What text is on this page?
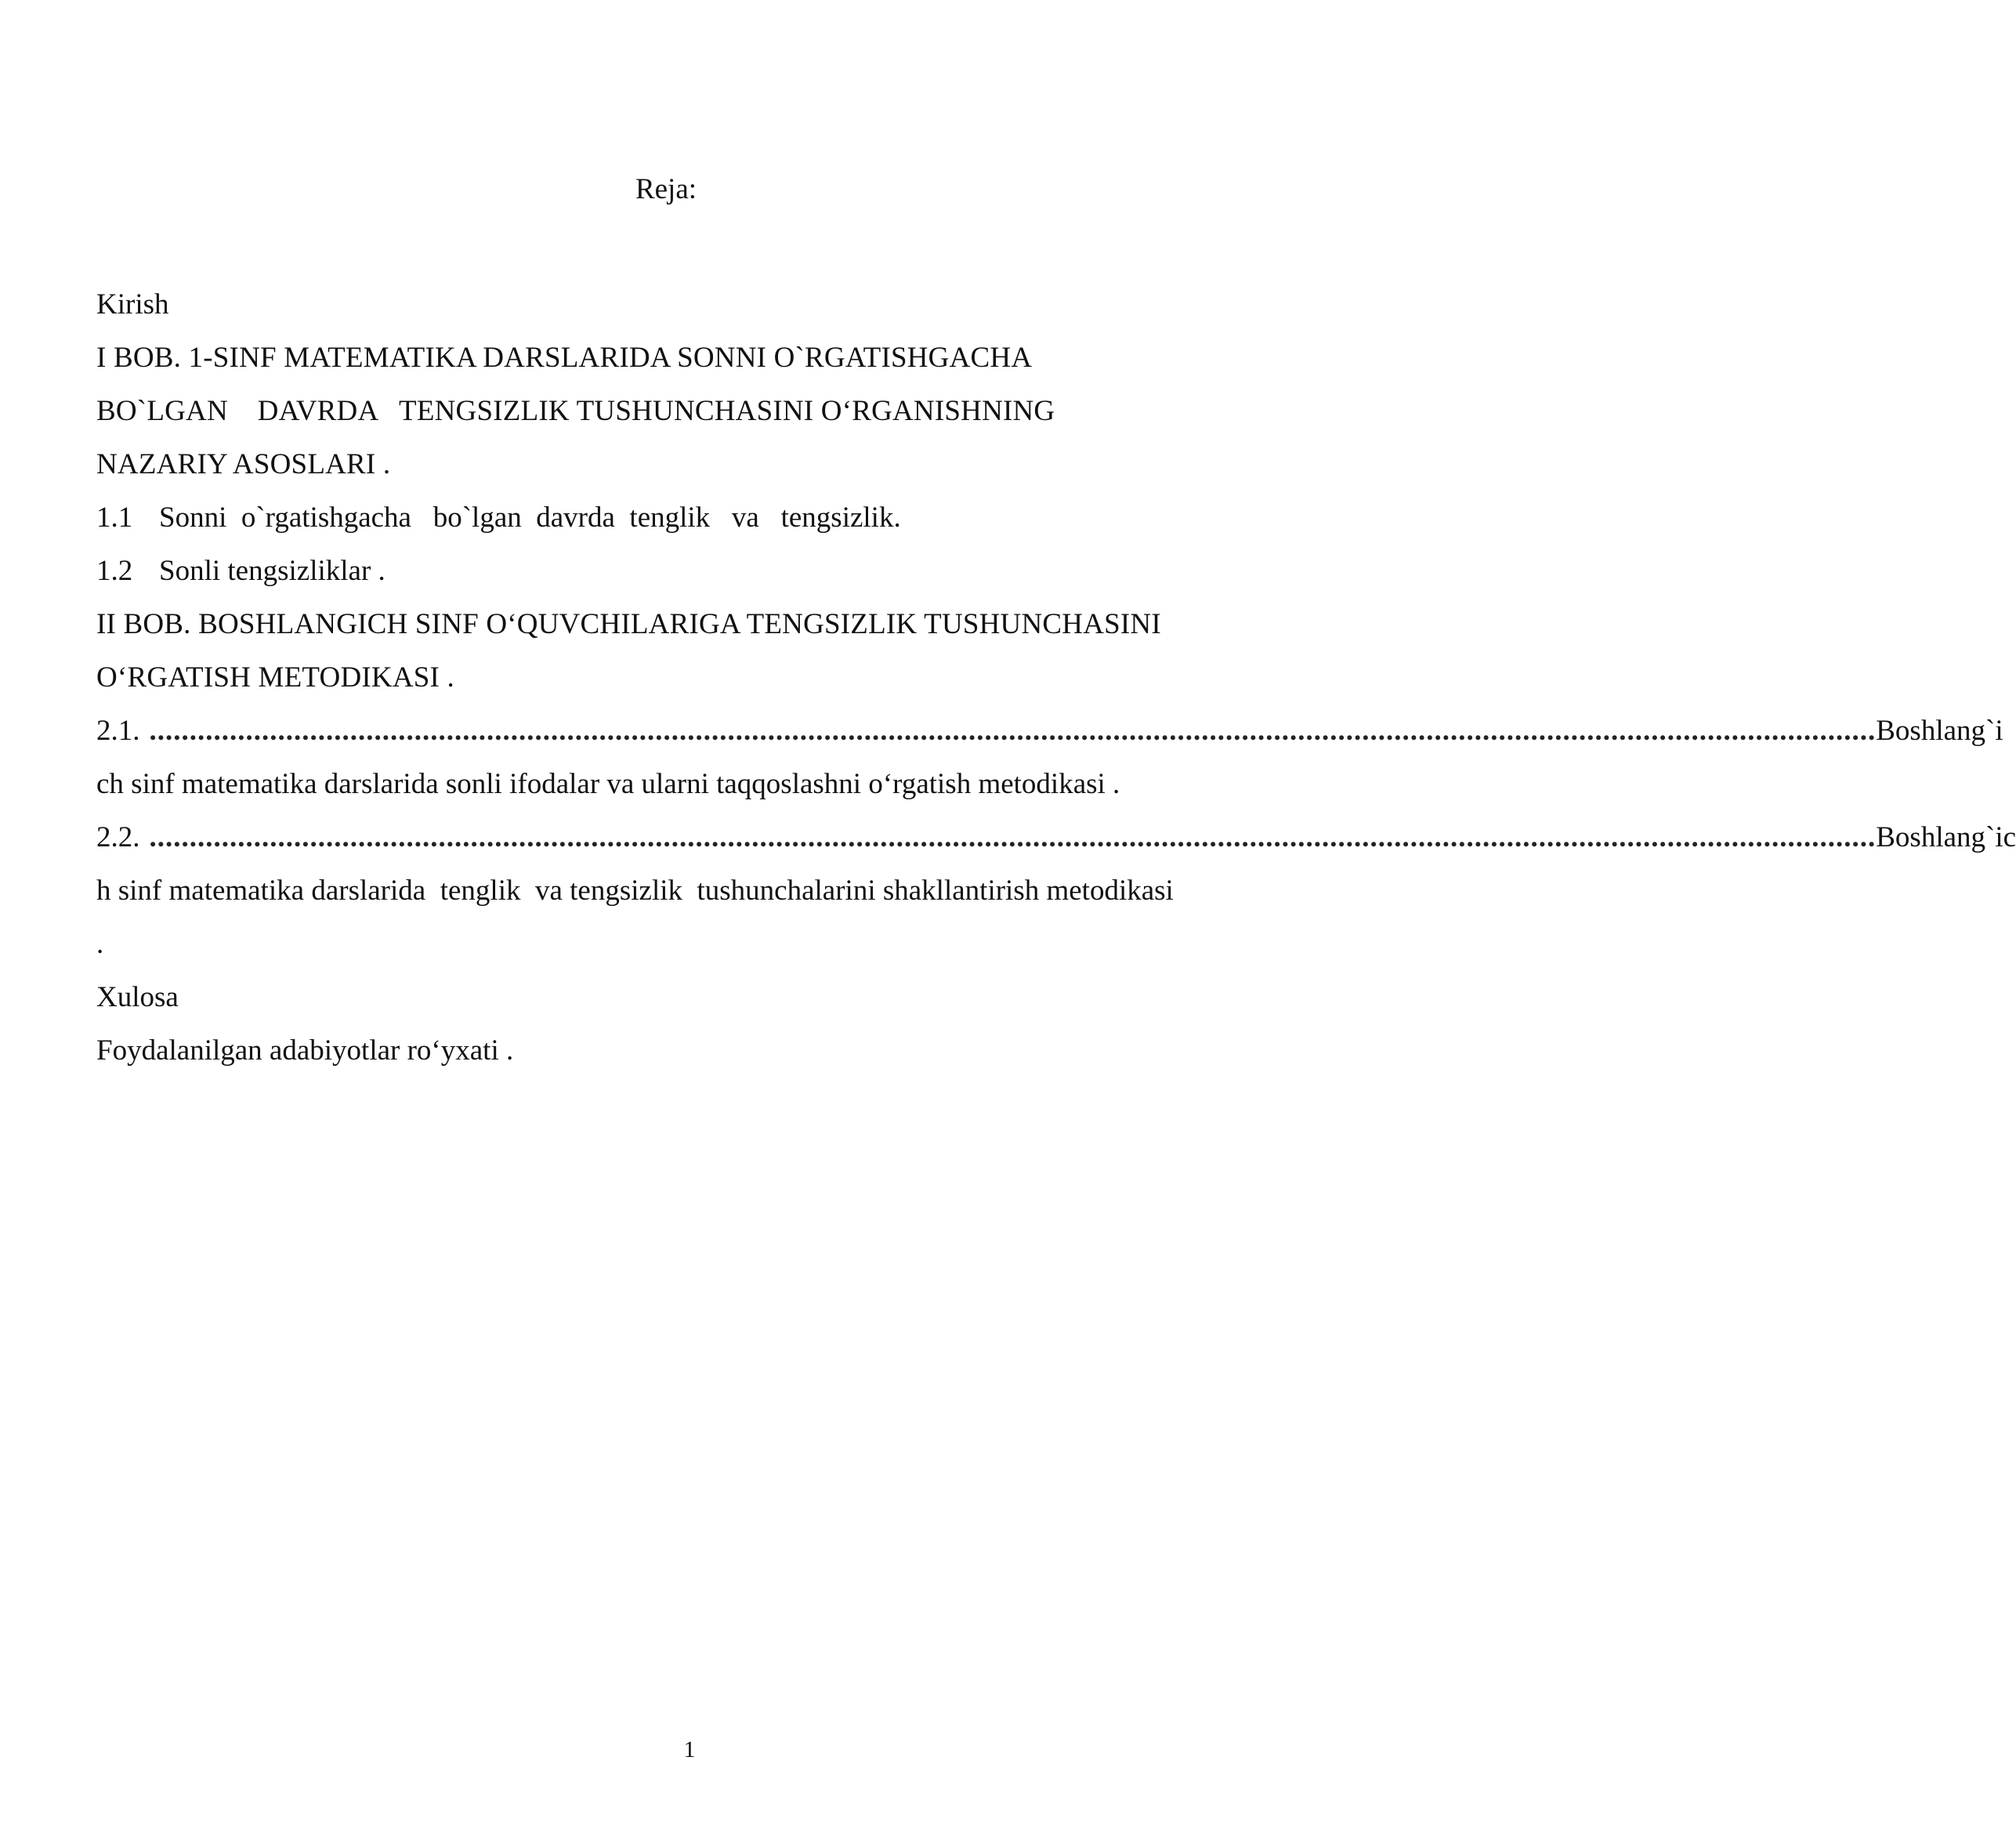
Reja:
Kirish
I BOB. 1-SINF MATEMATIKA DARSLARIDA SONNI O`RGATISHGACHA
BO`LGAN    DAVRDA   TENGSIZLIK TUSHUNCHASINI O‘RGANISHNING
NAZARIY ASOSLARI .
1.1 Sonni  o`rgatishgacha   bo`lgan  davrda  tenglik   va   tengsizlik.
1.2 Sonli tengsizliklar .
II BOB. BOSHLANGICH SINF O‘QUVCHILARIGA TENGSIZLIK TUSHUNCHASINI
O‘RGATISH METODIKASI .
2.1. ....................................................................................................................................................................................................................... Boshlang`i
ch sinf matematika darslarida sonli ifodalar va ularni taqqoslashni o‘rgatish metodikasi .
2.2. ....................................................................................................................................................................................................................... Boshlang`ic
h sinf matematika darslarida  tenglik  va tengsizlik  tushunchalarini shakllantirish metodikasi
.
Xulosa
Foydalanilgan adabiyotlar ro‘yxati .
1
